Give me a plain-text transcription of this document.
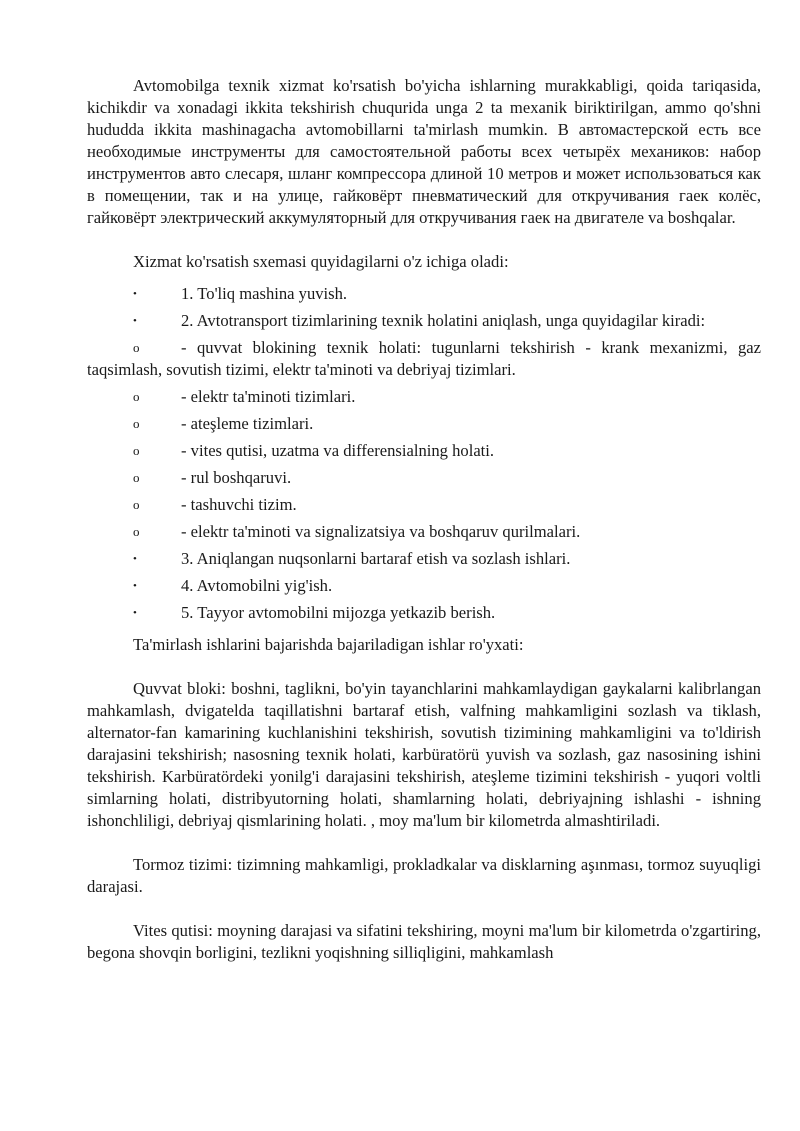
Avtomobilga texnik xizmat ko'rsatish bo'yicha ishlarning murakkabligi, qoida tariqasida, kichikdir va xonadagi ikkita tekshirish chuqurida unga 2 ta mexanik biriktirilgan, ammo qo'shni hududda ikkita mashinagacha avtomobillarni ta'mirlash mumkin. В автомастерской есть все необходимые инструменты для самостоятельной работы всех четырёх механиков: набор инструментов авто слесаря, шланг компрессора длиной 10 метров и может использоваться как в помещении, так и на улице, гайковёрт пневматический для откручивания гаек колёс, гайковёрт электрический аккумуляторный для откручивания гаек на двигателе va boshqalar.

Xizmat ko'rsatish sxemasi quyidagilarni o'z ichiga oladi:

•	1. To'liq mashina yuvish.
•	2. Avtotransport tizimlarining texnik holatini aniqlash, unga quyidagilar kiradi:
o	- quvvat blokining texnik holati: tugunlarni tekshirish - krank mexanizmi, gaz taqsimlash, sovutish tizimi, elektr ta'minoti va debriyaj tizimlari.
o	- elektr ta'minoti tizimlari.
o	- ateşleme tizimlari.
o	- vites qutisi, uzatma va differensialning holati.
o	- rul boshqaruvi.
o	- tashuvchi tizim.
o	- elektr ta'minoti va signalizatsiya va boshqaruv qurilmalari.
•	3. Aniqlangan nuqsonlarni bartaraf etish va sozlash ishlari.
•	4. Avtomobilni yig'ish.
•	5. Tayyor avtomobilni mijozga yetkazib berish.

Ta'mirlash ishlarini bajarishda bajariladigan ishlar ro'yxati:

Quvvat bloki: boshni, taglikni, bo'yin tayanchlarini mahkamlaydigan gaykalarni kalibrlangan mahkamlash, dvigatelda taqillatishni bartaraf etish, valfning mahkamligini sozlash va tiklash, alternator-fan kamarining kuchlanishini tekshirish, sovutish tizimining mahkamligini va to'ldirish darajasini tekshirish; nasosning texnik holati, karbüratörü yuvish va sozlash, gaz nasosining ishini tekshirish. Karbüratördeki yonilg'i darajasini tekshirish, ateşleme tizimini tekshirish - yuqori voltli simlarning holati, distribyutorning holati, shamlarning holati, debriyajning ishlashi - ishning ishonchliligi, debriyaj qismlarining holati. , moy ma'lum bir kilometrda almashtiriladi.

Tormoz tizimi: tizimning mahkamligi, prokladkalar va disklarning aşınması, tormoz suyuqligi darajasi.

Vites qutisi: moyning darajasi va sifatini tekshiring, moyni ma'lum bir kilometrda o'zgartiring, begona shovqin borligini, tezlikni yoqishning silliqligini, mahkamlash
